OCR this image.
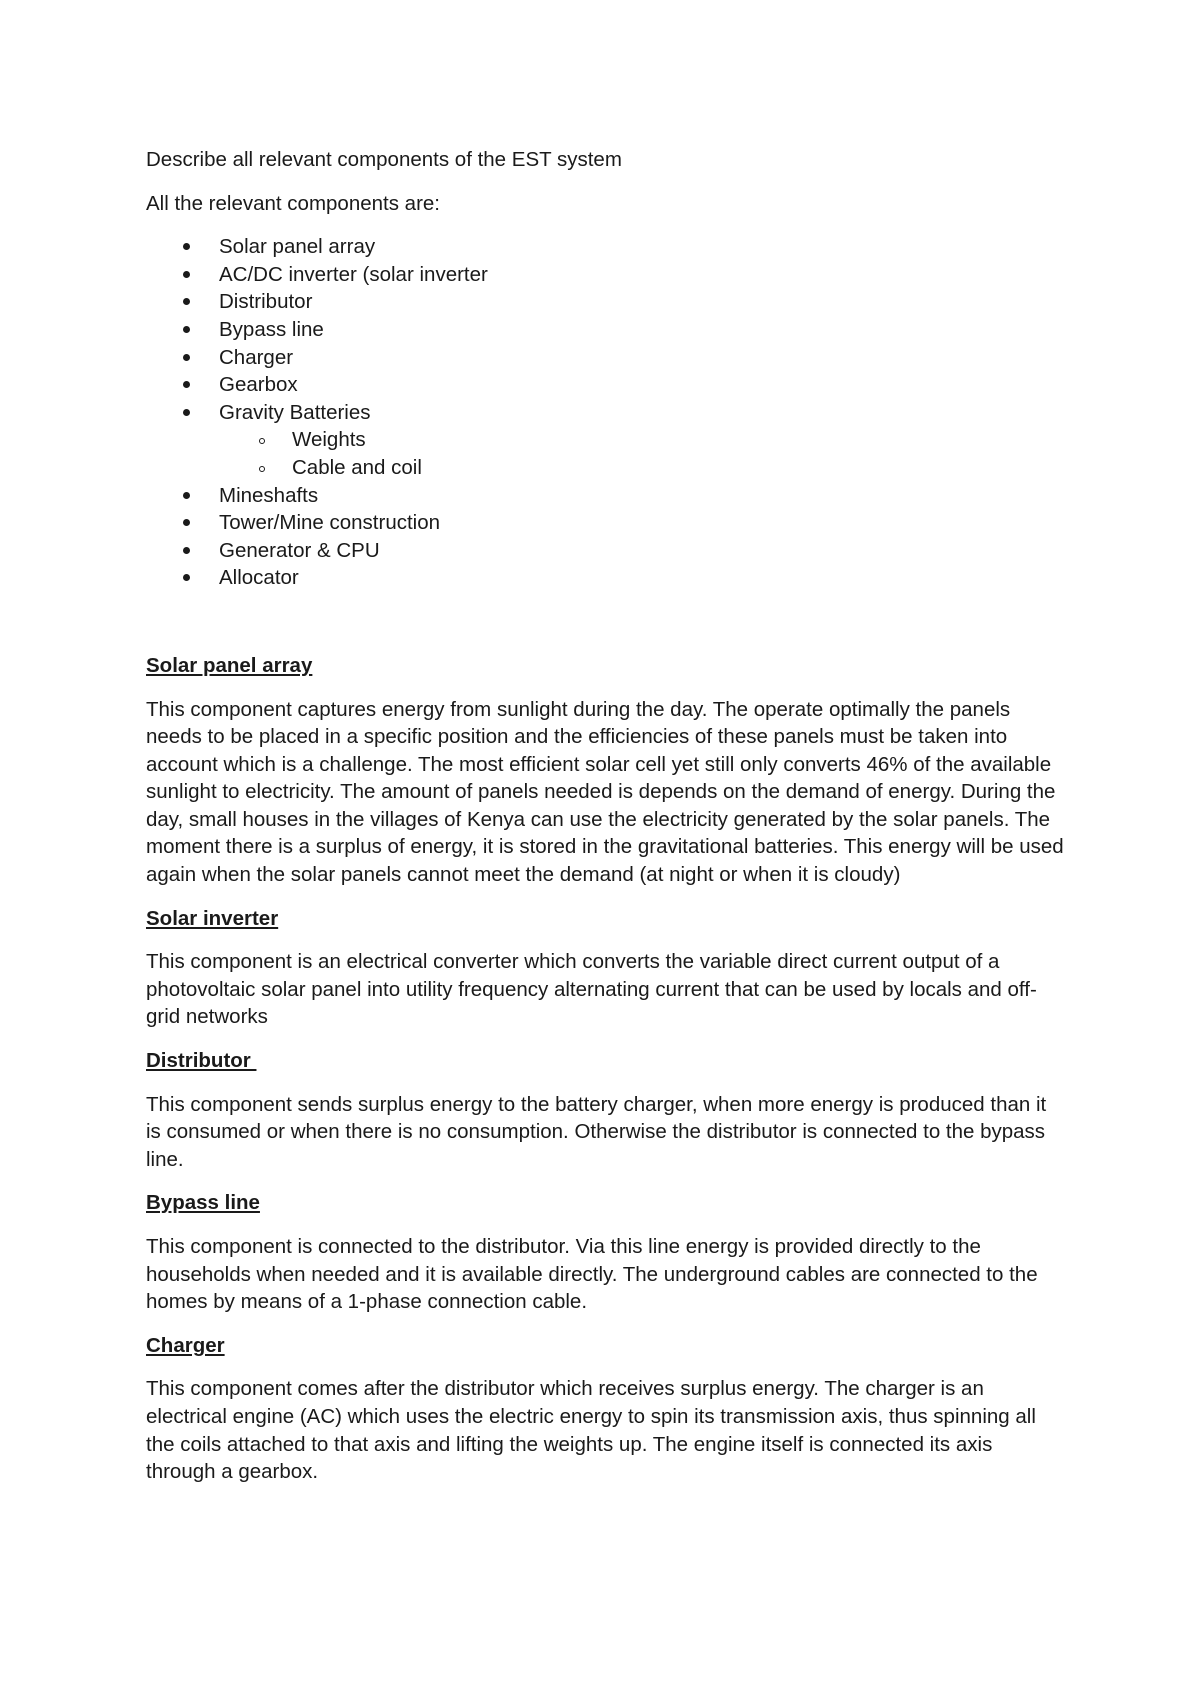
Describe all relevant components of the EST system

All the relevant components are:

Solar panel array
AC/DC inverter (solar inverter
Distributor
Bypass line
Charger
Gearbox
Gravity Batteries
Weights
Cable and coil
Mineshafts
Tower/Mine construction
Generator & CPU
Allocator
Solar panel array

This component captures energy from sunlight during the day. The operate optimally the panels needs to be placed in a specific position and the efficiencies of these panels must be taken into account which is a challenge. The most efficient solar cell yet still only converts 46% of the available sunlight to electricity. The amount of panels needed is depends on the demand of energy. During the day, small houses in the villages of Kenya can use the electricity generated by the solar panels. The moment there is a surplus of energy, it is stored in the gravitational batteries. This energy will be used again when the solar panels cannot meet the demand (at night or when it is cloudy)

Solar inverter

This component is an electrical converter which converts the variable direct current output of a photovoltaic solar panel into utility frequency alternating current that can be used by locals and off-grid networks

Distributor

This component sends surplus energy to the battery charger, when more energy is produced than it is consumed or when there is no consumption. Otherwise the distributor is connected to the bypass line.

Bypass line

This component is connected to the distributor. Via this line energy is provided directly to the households when needed and it is available directly. The underground cables are connected to the homes by means of a 1-phase connection cable.

Charger

This component comes after the distributor which receives surplus energy. The charger is an electrical engine (AC) which uses the electric energy to spin its transmission axis, thus spinning all the coils attached to that axis and lifting the weights up. The engine itself is connected its axis through a gearbox.
